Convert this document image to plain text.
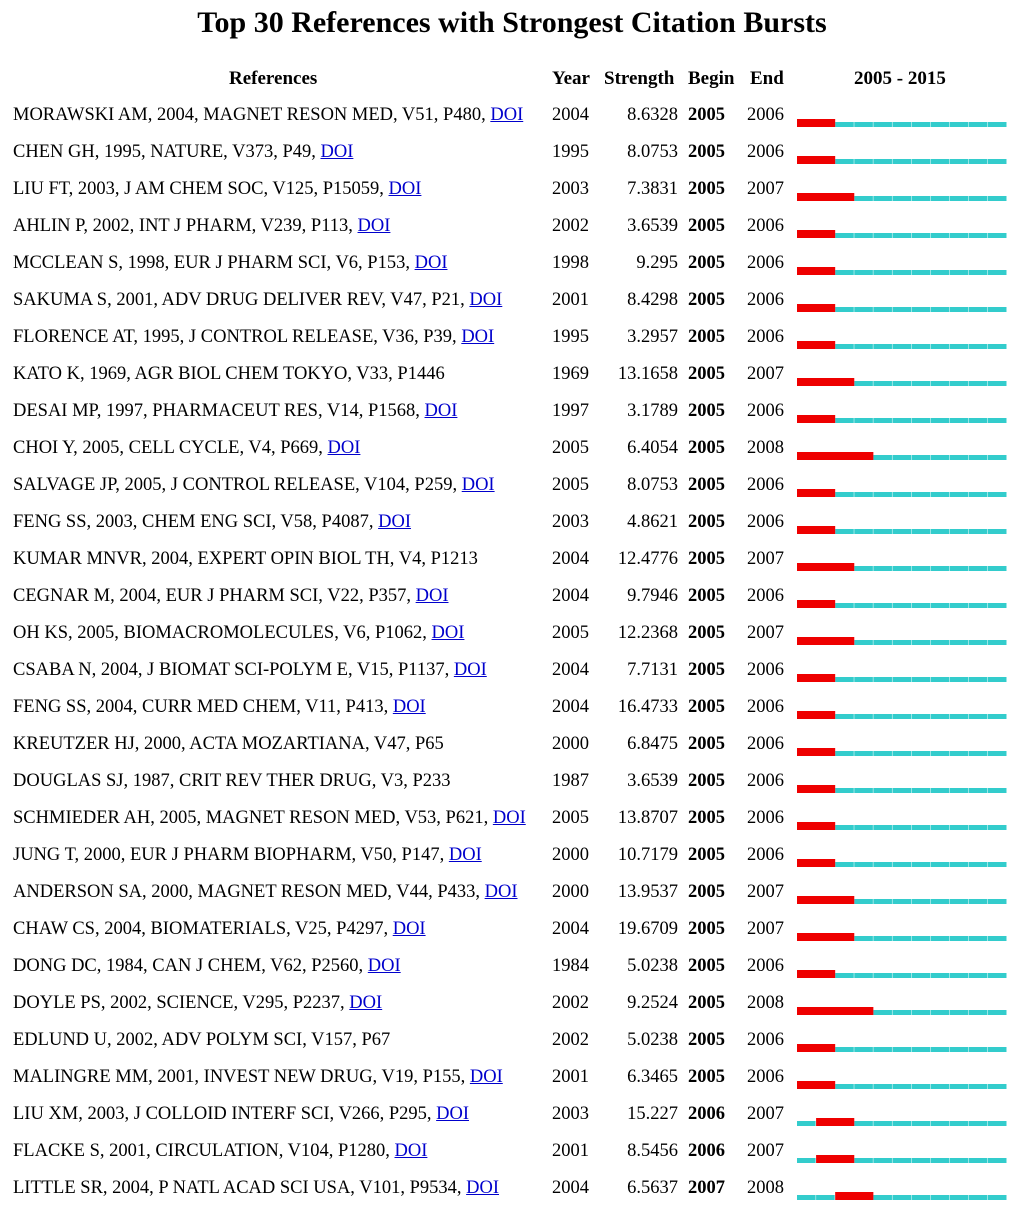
Top 30 References with Strongest Citation Bursts
References	Year Strength Begin End	2005 - 2015
MORAWSKI AM, 2004, MAGNET RESON MED, V51, P480, DOI 2004	8.6328 2005 2006
CHEN GH, 1995, NATURE, V373, P49, DOI	1995	8.0753 2005 2006
LIU FT, 2003, J AM CHEM SOC, V125, P15059, DOI	2003	7.3831 2005 2007
AHLIN P, 2002, INT J PHARM, V239, P113, DOI	2002	3.6539 2005 2006
MCCLEAN S, 1998, EUR J PHARM SCI, V6, P153, DOI	1998	9.295 2005 2006
SAKUMA S, 2001, ADV DRUG DELIVER REV, V47, P21, DOI	2001	8.4298 2005 2006
FLORENCE AT, 1995, J CONTROL RELEASE, V36, P39, DOI	1995	3.2957 2005 2006
KATO K, 1969, AGR BIOL CHEM TOKYO, V33, P1446	1969	13.1658 2005 2007
DESAI MP, 1997, PHARMACEUT RES, V14, P1568, DOI	1997	3.1789 2005 2006
CHOI Y, 2005, CELL CYCLE, V4, P669, DOI	2005	6.4054 2005 2008
SALVAGE JP, 2005, J CONTROL RELEASE, V104, P259, DOI	2005	8.0753 2005 2006
FENG SS, 2003, CHEM ENG SCI, V58, P4087, DOI	2003	4.8621 2005 2006
KUMAR MNVR, 2004, EXPERT OPIN BIOL TH, V4, P1213	2004	12.4776 2005 2007
CEGNAR M, 2004, EUR J PHARM SCI, V22, P357, DOI	2004	9.7946 2005 2006
OH KS, 2005, BIOMACROMOLECULES, V6, P1062, DOI	2005	12.2368 2005 2007
CSABA N, 2004, J BIOMAT SCI-POLYM E, V15, P1137, DOI	2004	7.7131 2005 2006
FENG SS, 2004, CURR MED CHEM, V11, P413, DOI	2004	16.4733 2005 2006
KREUTZER HJ, 2000, ACTA MOZARTIANA, V47, P65	2000	6.8475 2005 2006
DOUGLAS SJ, 1987, CRIT REV THER DRUG, V3, P233	1987	3.6539 2005 2006
SCHMIEDER AH, 2005, MAGNET RESON MED, V53, P621, DOI 2005	13.8707 2005 2006
JUNG T, 2000, EUR J PHARM BIOPHARM, V50, P147, DOI	2000	10.7179 2005 2006
ANDERSON SA, 2000, MAGNET RESON MED, V44, P433, DOI 2000	13.9537 2005 2007
CHAW CS, 2004, BIOMATERIALS, V25, P4297, DOI	2004	19.6709 2005 2007
DONG DC, 1984, CAN J CHEM, V62, P2560, DOI	1984	5.0238 2005 2006
DOYLE PS, 2002, SCIENCE, V295, P2237, DOI	2002	9.2524 2005 2008
EDLUND U, 2002, ADV POLYM SCI, V157, P67	2002	5.0238 2005 2006
MALINGRE MM, 2001, INVEST NEW DRUG, V19, P155, DOI	2001	6.3465 2005 2006
LIU XM, 2003, J COLLOID INTERF SCI, V266, P295, DOI	2003	15.227 2006 2007
FLACKE S, 2001, CIRCULATION, V104, P1280, DOI	2001	8.5456 2006 2007
LITTLE SR, 2004, P NATL ACAD SCI USA, V101, P9534, DOI	2004	6.5637 2007 2008
